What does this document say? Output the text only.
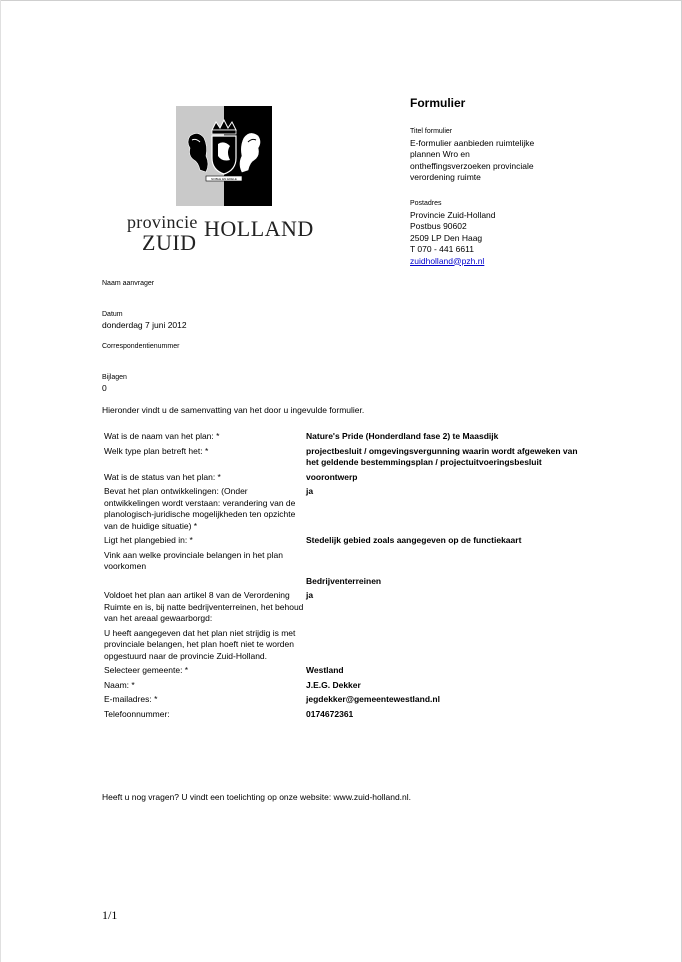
NOBLE EN EDELE
provincie
ZUID
HOLLAND
Formulier
Titel formulier
E-formulier aanbieden ruimtelijke
plannen Wro en
ontheffingsverzoeken provinciale
verordening ruimte
Postadres
Provincie Zuid-Holland
Postbus 90602
2509 LP Den Haag
T 070 - 441 6611
zuidholland@pzh.nl
Naam aanvrager
Datum
donderdag 7 juni 2012
Correspondentienummer
Bijlagen
0
Hieronder vindt u de samenvatting van het door u ingevulde formulier.
Wat is de naam van het plan: *	Nature's Pride (Honderdland fase 2) te Maasdijk
Welk type plan betreft het: *	projectbesluit / omgevingsvergunning waarin wordt afgeweken van het geldende bestemmingsplan / projectuitvoeringsbesluit
Wat is de status van het plan: *	voorontwerp
Bevat het plan ontwikkelingen: (Onder ontwikkelingen wordt verstaan: verandering van de planologisch-juridische mogelijkheden ten opzichte van de huidige situatie) *	ja
Ligt het plangebied in: *	Stedelijk gebied zoals aangegeven op de functiekaart
Vink aan welke provinciale belangen in het plan voorkomen	
	Bedrijventerreinen
Voldoet het plan aan artikel 8 van de Verordening Ruimte en is, bij natte bedrijventerreinen, het behoud van het areaal gewaarborgd:	ja
U heeft aangegeven dat het plan niet strijdig is met provinciale belangen, het plan hoeft niet te worden opgestuurd naar de provincie Zuid-Holland.	
Selecteer gemeente: *	Westland
Naam: *	J.E.G. Dekker
E-mailadres: *	jegdekker@gemeentewestland.nl
Telefoonnummer:	0174672361
Heeft u nog vragen? U vindt een toelichting op onze website: www.zuid-holland.nl.
1/1
